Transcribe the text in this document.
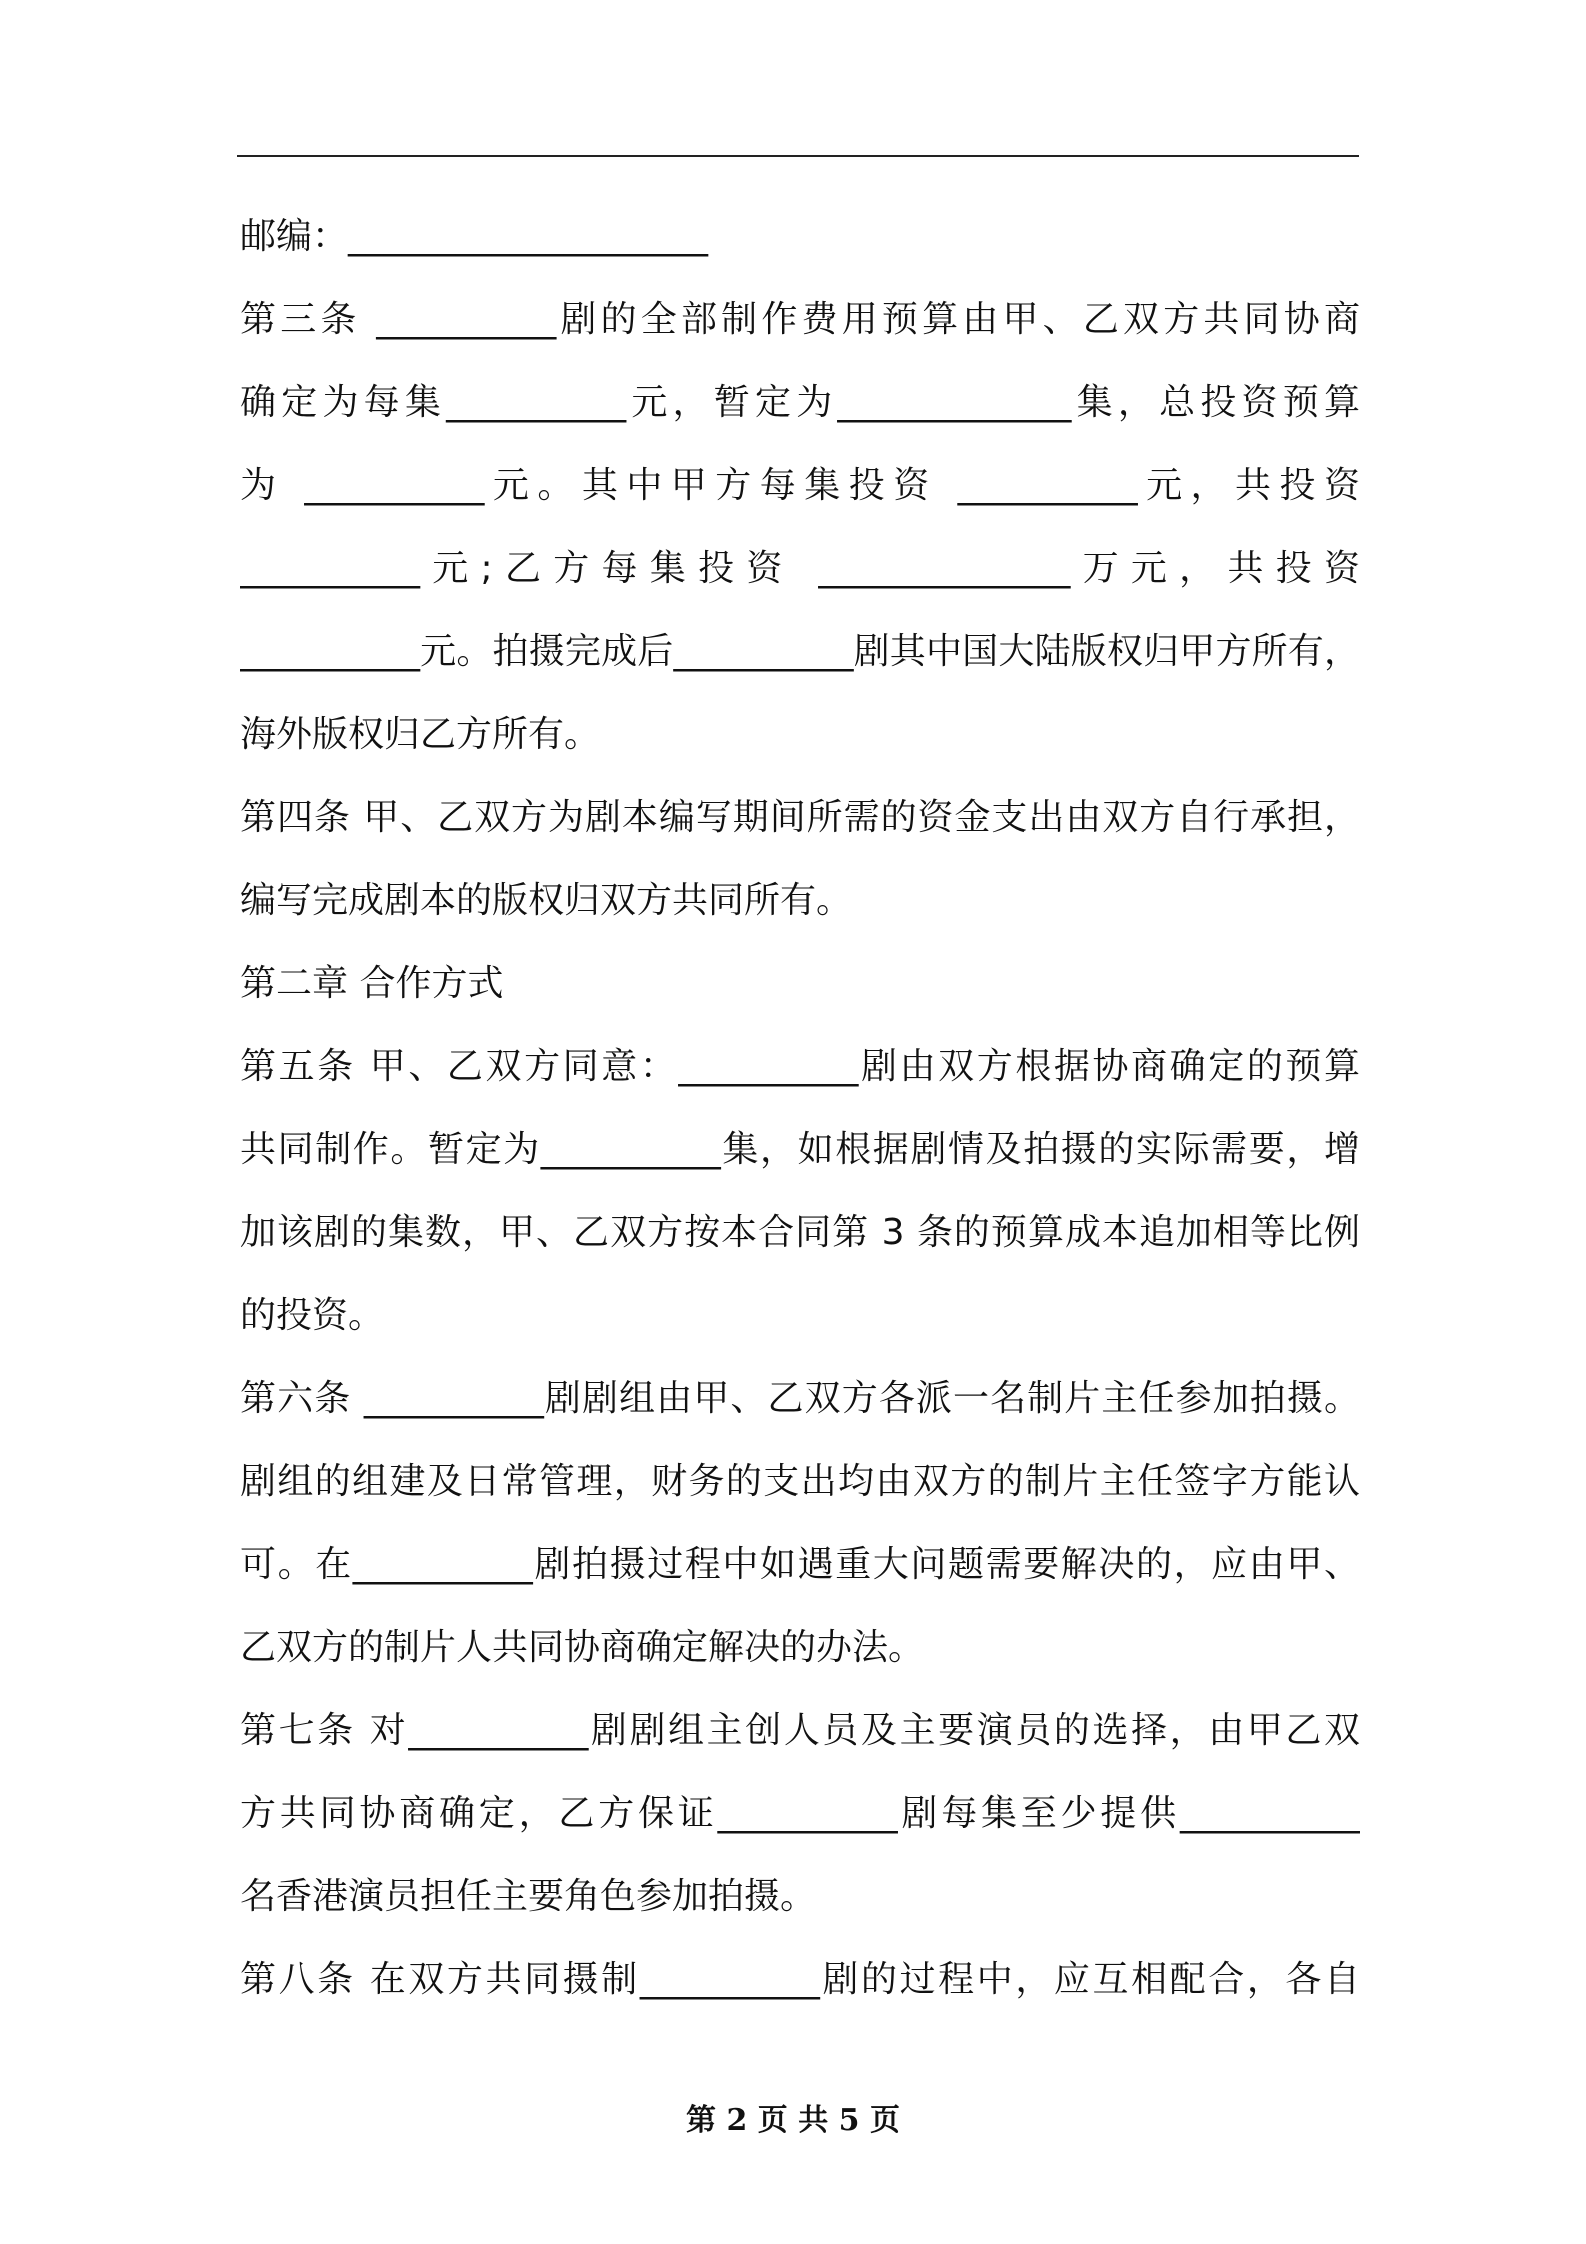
邮编：____________________
第三条 __________剧的全部制作费用预算由甲、乙双方共同协商
确定为每集__________元，暂定为_____________集，总投资预算
为 __________元。其中甲方每集投资 __________元，共投资
__________元;乙方每集投资 ______________万元，共投资
__________元。拍摄完成后__________剧其中国大陆版权归甲方所有，
海外版权归乙方所有。
第四条 甲、乙双方为剧本编写期间所需的资金支出由双方自行承担，
编写完成剧本的版权归双方共同所有。
第二章 合作方式
第五条 甲、乙双方同意：__________剧由双方根据协商确定的预算
共同制作。暂定为__________集，如根据剧情及拍摄的实际需要，增
加该剧的集数，甲、乙双方按本合同第 3 条的预算成本追加相等比例
的投资。
第六条 __________剧剧组由甲、乙双方各派一名制片主任参加拍摄。
剧组的组建及日常管理，财务的支出均由双方的制片主任签字方能认
可。在__________剧拍摄过程中如遇重大问题需要解决的，应由甲、
乙双方的制片人共同协商确定解决的办法。
第七条 对__________剧剧组主创人员及主要演员的选择，由甲乙双
方共同协商确定，乙方保证__________剧每集至少提供__________
名香港演员担任主要角色参加拍摄。
第八条 在双方共同摄制__________剧的过程中，应互相配合，各自
第 2 页 共 5 页
